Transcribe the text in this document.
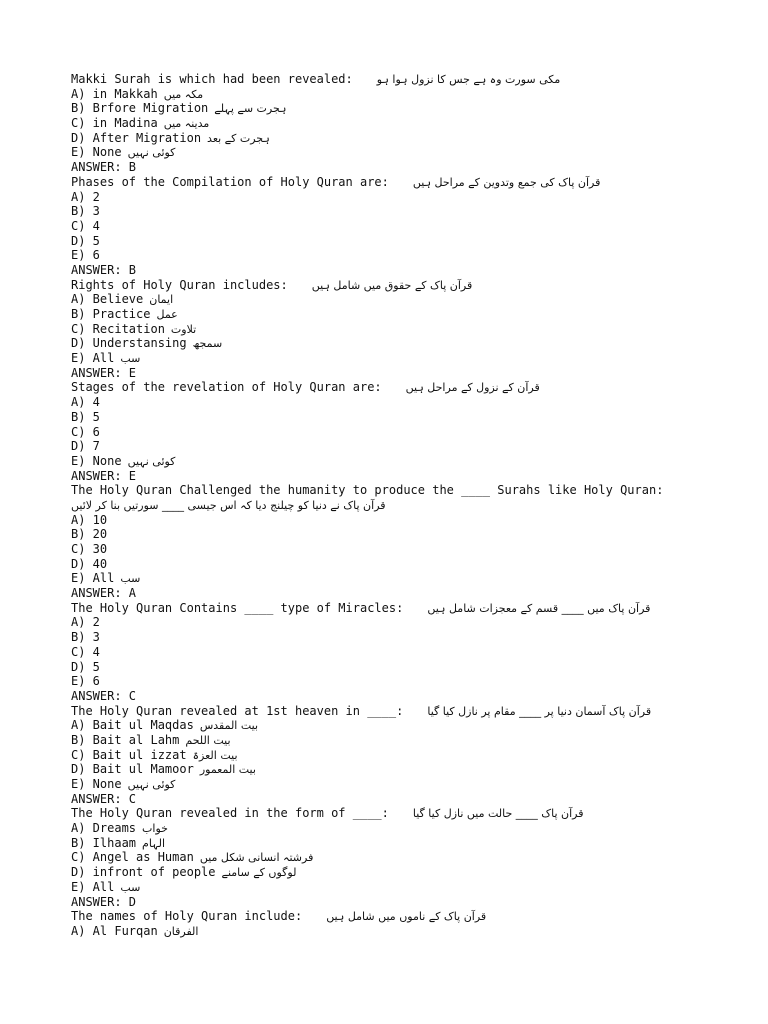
Makki Surah is which had been revealed: مکی سورت وہ ہے جس کا نزول ہوا ہو
A) in Makkah مکہ میں
B) Brfore Migration ہجرت سے پہلے
C) in Madina مدینہ میں
D) After Migration ہجرت کے بعد
E) None کوئی نہیں
ANSWER: B
Phases of the Compilation of Holy Quran are: قرآن پاک کی جمع وتدوین کے مراحل ہیں
A) 2
B) 3
C) 4
D) 5
E) 6
ANSWER: B
Rights of Holy Quran includes: قرآن پاک کے حقوق میں شامل ہیں
A) Believe ایمان
B) Practice عمل
C) Recitation تلاوت
D) Understansing سمجھ
E) All سب
ANSWER: E
Stages of the revelation of Holy Quran are: قرآن کے نزول کے مراحل ہیں
A) 4
B) 5
C) 6
D) 7
E) None کوئی نہیں
ANSWER: E
The Holy Quran Challenged the humanity to produce the ____ Surahs like Holy Quran:
قرآن پاک نے دنیا کو چیلنج دیا کہ اس جیسی ____ سورتیں بنا کر لائیں
A) 10
B) 20
C) 30
D) 40
E) All سب
ANSWER: A
The Holy Quran Contains ____ type of Miracles: قرآن پاک میں ____ قسم کے معجزات شامل ہیں
A) 2
B) 3
C) 4
D) 5
E) 6
ANSWER: C
The Holy Quran revealed at 1st heaven in ____: قرآن پاک آسمان دنیا پر ____ مقام پر نازل کیا گیا
A) Bait ul Maqdas بیت المقدس
B) Bait al Lahm بیت اللحم
C) Bait ul izzat بیت العزۃ
D) Bait ul Mamoor بیت المعمور
E) None کوئی نہیں
ANSWER: C
The Holy Quran revealed in the form of ____: قرآن پاک ____ حالت میں نازل کیا گیا
A) Dreams خواب
B) Ilhaam الہام
C) Angel as Human فرشتہ انسانی شکل میں
D) infront of people لوگوں کے سامنے
E) All سب
ANSWER: D
The names of Holy Quran include: قرآن پاک کے ناموں میں شامل ہیں
A) Al Furqan الفرقان
